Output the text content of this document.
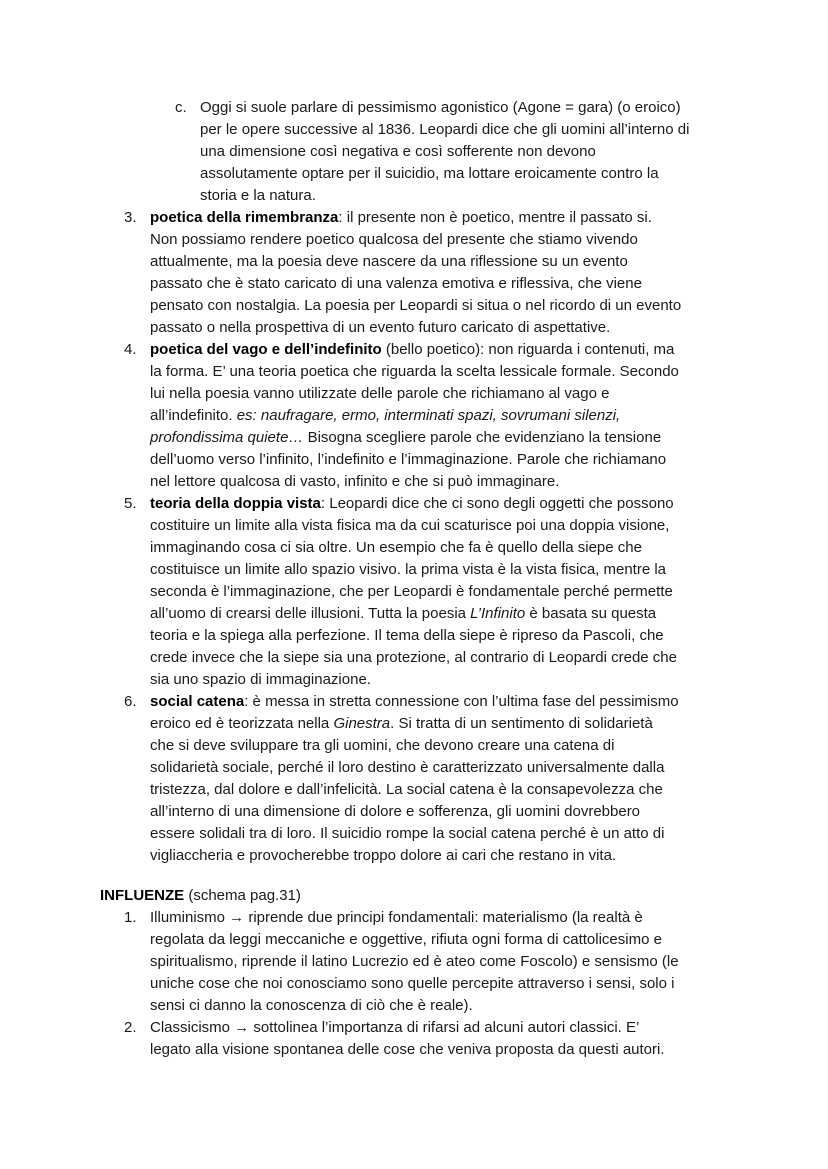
c. Oggi si suole parlare di pessimismo agonistico (Agone = gara) (o eroico)
per le opere successive al 1836. Leopardi dice che gli uomini all’interno di
una dimensione così negativa e così sofferente non devono
assolutamente optare per il suicidio, ma lottare eroicamente contro la
storia e la natura.
3. poetica della rimembranza: il presente non è poetico, mentre il passato si.
Non possiamo rendere poetico qualcosa del presente che stiamo vivendo
attualmente, ma la poesia deve nascere da una riflessione su un evento
passato che è stato caricato di una valenza emotiva e riflessiva, che viene
pensato con nostalgia. La poesia per Leopardi si situa o nel ricordo di un evento
passato o nella prospettiva di un evento futuro caricato di aspettative.
4. poetica del vago e dell’indefinito (bello poetico): non riguarda i contenuti, ma
la forma. E’ una teoria poetica che riguarda la scelta lessicale formale. Secondo
lui nella poesia vanno utilizzate delle parole che richiamano al vago e
all’indefinito. es: naufragare, ermo, interminati spazi, sovrumani silenzi,
profondissima quiete… Bisogna scegliere parole che evidenziano la tensione
dell’uomo verso l’infinito, l’indefinito e l’immaginazione. Parole che richiamano
nel lettore qualcosa di vasto, infinito e che si può immaginare.
5. teoria della doppia vista: Leopardi dice che ci sono degli oggetti che possono
costituire un limite alla vista fisica ma da cui scaturisce poi una doppia visione,
immaginando cosa ci sia oltre. Un esempio che fa è quello della siepe che
costituisce un limite allo spazio visivo. la prima vista è la vista fisica, mentre la
seconda è l’immaginazione, che per Leopardi è fondamentale perché permette
all’uomo di crearsi delle illusioni. Tutta la poesia L’Infinito è basata su questa
teoria e la spiega alla perfezione. Il tema della siepe è ripreso da Pascoli, che
crede invece che la siepe sia una protezione, al contrario di Leopardi crede che
sia uno spazio di immaginazione.
6. social catena: è messa in stretta connessione con l’ultima fase del pessimismo
eroico ed è teorizzata nella Ginestra. Si tratta di un sentimento di solidarietà
che si deve sviluppare tra gli uomini, che devono creare una catena di
solidarietà sociale, perché il loro destino è caratterizzato universalmente dalla
tristezza, dal dolore e dall’infelicità. La social catena è la consapevolezza che
all’interno di una dimensione di dolore e sofferenza, gli uomini dovrebbero
essere solidali tra di loro. Il suicidio rompe la social catena perché è un atto di
vigliaccheria e provocherebbe troppo dolore ai cari che restano in vita.
INFLUENZE (schema pag.31)
1. Illuminismo → riprende due principi fondamentali: materialismo (la realtà è
regolata da leggi meccaniche e oggettive, rifiuta ogni forma di cattolicesimo e
spiritualismo, riprende il latino Lucrezio ed è ateo come Foscolo) e sensismo (le
uniche cose che noi conosciamo sono quelle percepite attraverso i sensi, solo i
sensi ci danno la conoscenza di ciò che è reale).
2. Classicismo → sottolinea l’importanza di rifarsi ad alcuni autori classici. E’
legato alla visione spontanea delle cose che veniva proposta da questi autori.
